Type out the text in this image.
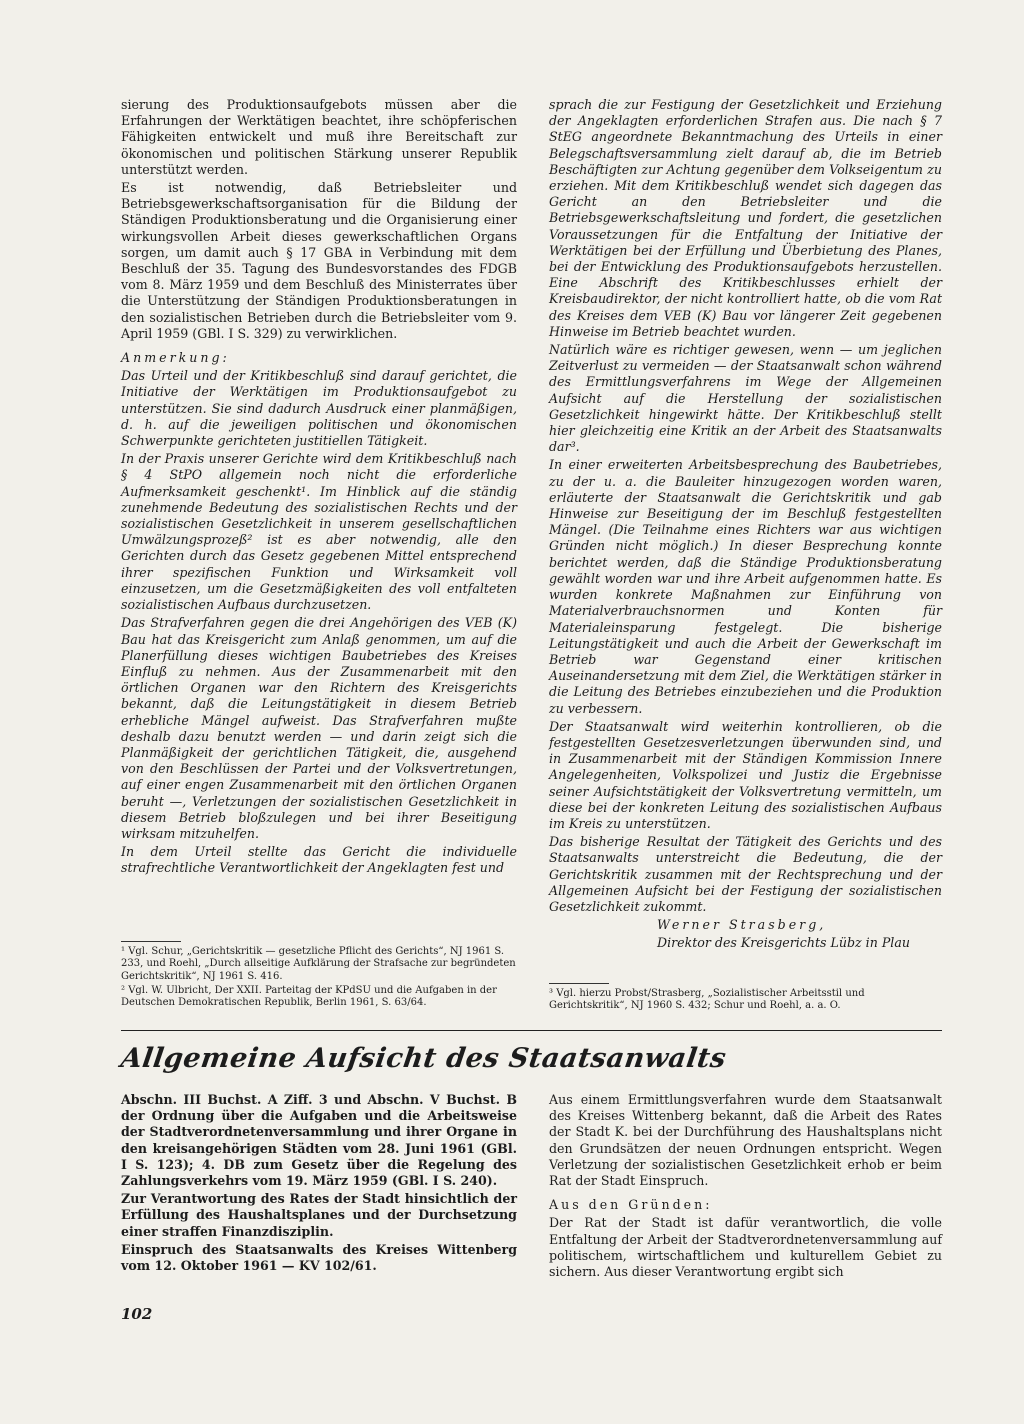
sierung des Produktionsaufgebots müssen aber die Erfahrungen der Werktätigen beachtet, ihre schöpferischen Fähigkeiten entwickelt und muß ihre Bereitschaft zur ökonomischen und politischen Stärkung unserer Republik unterstützt werden.

Es ist notwendig, daß Betriebsleiter und Betriebsgewerkschaftsorganisation für die Bildung der Ständigen Produktionsberatung und die Organisierung einer wirkungsvollen Arbeit dieses gewerkschaftlichen Organs sorgen, um damit auch § 17 GBA in Verbindung mit dem Beschluß der 35. Tagung des Bundesvorstandes des FDGB vom 8. März 1959 und dem Beschluß des Ministerrates über die Unterstützung der Ständigen Produktionsberatungen in den sozialistischen Betrieben durch die Betriebsleiter vom 9. April 1959 (GBl. I S. 329) zu verwirklichen.

Anmerkung:

Das Urteil und der Kritikbeschluß sind darauf gerichtet, die Initiative der Werktätigen im Produktionsaufgebot zu unterstützen. Sie sind dadurch Ausdruck einer planmäßigen, d. h. auf die jeweiligen politischen und ökonomischen Schwerpunkte gerichteten justitiellen Tätigkeit.

In der Praxis unserer Gerichte wird dem Kritikbeschluß nach § 4 StPO allgemein noch nicht die erforderliche Aufmerksamkeit geschenkt¹. Im Hinblick auf die ständig zunehmende Bedeutung des sozialistischen Rechts und der sozialistischen Gesetzlichkeit in unserem gesellschaftlichen Umwälzungsprozeß² ist es aber notwendig, alle den Gerichten durch das Gesetz gegebenen Mittel entsprechend ihrer spezifischen Funktion und Wirksamkeit voll einzusetzen, um die Gesetzmäßigkeiten des voll entfalteten sozialistischen Aufbaus durchzusetzen.

Das Strafverfahren gegen die drei Angehörigen des VEB (K) Bau hat das Kreisgericht zum Anlaß genommen, um auf die Planerfüllung dieses wichtigen Baubetriebes des Kreises Einfluß zu nehmen. Aus der Zusammenarbeit mit den örtlichen Organen war den Richtern des Kreisgerichts bekannt, daß die Leitungstätigkeit in diesem Betrieb erhebliche Mängel aufweist. Das Strafverfahren mußte deshalb dazu benutzt werden — und darin zeigt sich die Planmäßigkeit der gerichtlichen Tätigkeit, die, ausgehend von den Beschlüssen der Partei und der Volksvertretungen, auf einer engen Zusammenarbeit mit den örtlichen Organen beruht —, Verletzungen der sozialistischen Gesetzlichkeit in diesem Betrieb bloßzulegen und bei ihrer Beseitigung wirksam mitzuhelfen.

In dem Urteil stellte das Gericht die individuelle strafrechtliche Verantwortlichkeit der Angeklagten fest und

¹ Vgl. Schur, „Gerichtskritik — gesetzliche Pflicht des Gerichts“, NJ 1961 S. 233, und Roehl, „Durch allseitige Aufklärung der Strafsache zur begründeten Gerichtskritik“, NJ 1961 S. 416.

² Vgl. W. Ulbricht, Der XXII. Parteitag der KPdSU und die Aufgaben in der Deutschen Demokratischen Republik, Berlin 1961, S. 63/64.

sprach die zur Festigung der Gesetzlichkeit und Erziehung der Angeklagten erforderlichen Strafen aus. Die nach § 7 StEG angeordnete Bekanntmachung des Urteils in einer Belegschaftsversammlung zielt darauf ab, die im Betrieb Beschäftigten zur Achtung gegenüber dem Volkseigentum zu erziehen. Mit dem Kritikbeschluß wendet sich dagegen das Gericht an den Betriebsleiter und die Betriebsgewerkschaftsleitung und fordert, die gesetzlichen Voraussetzungen für die Entfaltung der Initiative der Werktätigen bei der Erfüllung und Überbietung des Planes, bei der Entwicklung des Produktionsaufgebots herzustellen. Eine Abschrift des Kritikbeschlusses erhielt der Kreisbaudirektor, der nicht kontrolliert hatte, ob die vom Rat des Kreises dem VEB (K) Bau vor längerer Zeit gegebenen Hinweise im Betrieb beachtet wurden.

Natürlich wäre es richtiger gewesen, wenn — um jeglichen Zeitverlust zu vermeiden — der Staatsanwalt schon während des Ermittlungsverfahrens im Wege der Allgemeinen Aufsicht auf die Herstellung der sozialistischen Gesetzlichkeit hingewirkt hätte. Der Kritikbeschluß stellt hier gleichzeitig eine Kritik an der Arbeit des Staatsanwalts dar³.

In einer erweiterten Arbeitsbesprechung des Baubetriebes, zu der u. a. die Bauleiter hinzugezogen worden waren, erläuterte der Staatsanwalt die Gerichtskritik und gab Hinweise zur Beseitigung der im Beschluß festgestellten Mängel. (Die Teilnahme eines Richters war aus wichtigen Gründen nicht möglich.) In dieser Besprechung konnte berichtet werden, daß die Ständige Produktionsberatung gewählt worden war und ihre Arbeit aufgenommen hatte. Es wurden konkrete Maßnahmen zur Einführung von Materialverbrauchsnormen und Konten für Materialeinsparung festgelegt. Die bisherige Leitungstätigkeit und auch die Arbeit der Gewerkschaft im Betrieb war Gegenstand einer kritischen Auseinandersetzung mit dem Ziel, die Werktätigen stärker in die Leitung des Betriebes einzubeziehen und die Produktion zu verbessern.

Der Staatsanwalt wird weiterhin kontrollieren, ob die festgestellten Gesetzesverletzungen überwunden sind, und in Zusammenarbeit mit der Ständigen Kommission Innere Angelegenheiten, Volkspolizei und Justiz die Ergebnisse seiner Aufsichtstätigkeit der Volksvertretung vermitteln, um diese bei der konkreten Leitung des sozialistischen Aufbaus im Kreis zu unterstützen.

Das bisherige Resultat der Tätigkeit des Gerichts und des Staatsanwalts unterstreicht die Bedeutung, die der Gerichtskritik zusammen mit der Rechtsprechung und der Allgemeinen Aufsicht bei der Festigung der sozialistischen Gesetzlichkeit zukommt.

Werner Strasberg,

Direktor des Kreisgerichts Lübz in Plau

³ Vgl. hierzu Probst/Strasberg, „Sozialistischer Arbeitsstil und Gerichtskritik“, NJ 1960 S. 432; Schur und Roehl, a. a. O.

Allgemeine Aufsicht des Staatsanwalts

Abschn. III Buchst. A Ziff. 3 und Abschn. V Buchst. B der Ordnung über die Aufgaben und die Arbeitsweise der Stadtverordnetenversammlung und ihrer Organe in den kreisangehörigen Städten vom 28. Juni 1961 (GBl. I S. 123); 4. DB zum Gesetz über die Regelung des Zahlungsverkehrs vom 19. März 1959 (GBl. I S. 240).

Zur Verantwortung des Rates der Stadt hinsichtlich der Erfüllung des Haushaltsplanes und der Durchsetzung einer straffen Finanzdisziplin.

Einspruch des Staatsanwalts des Kreises Wittenberg vom 12. Oktober 1961 — KV 102/61.

Aus einem Ermittlungsverfahren wurde dem Staatsanwalt des Kreises Wittenberg bekannt, daß die Arbeit des Rates der Stadt K. bei der Durchführung des Haushaltsplans nicht den Grundsätzen der neuen Ordnungen entspricht. Wegen Verletzung der sozialistischen Gesetzlichkeit erhob er beim Rat der Stadt Einspruch.

Aus den Gründen:

Der Rat der Stadt ist dafür verantwortlich, die volle Entfaltung der Arbeit der Stadtverordnetenversammlung auf politischem, wirtschaftlichem und kulturellem Gebiet zu sichern. Aus dieser Verantwortung ergibt sich

102
